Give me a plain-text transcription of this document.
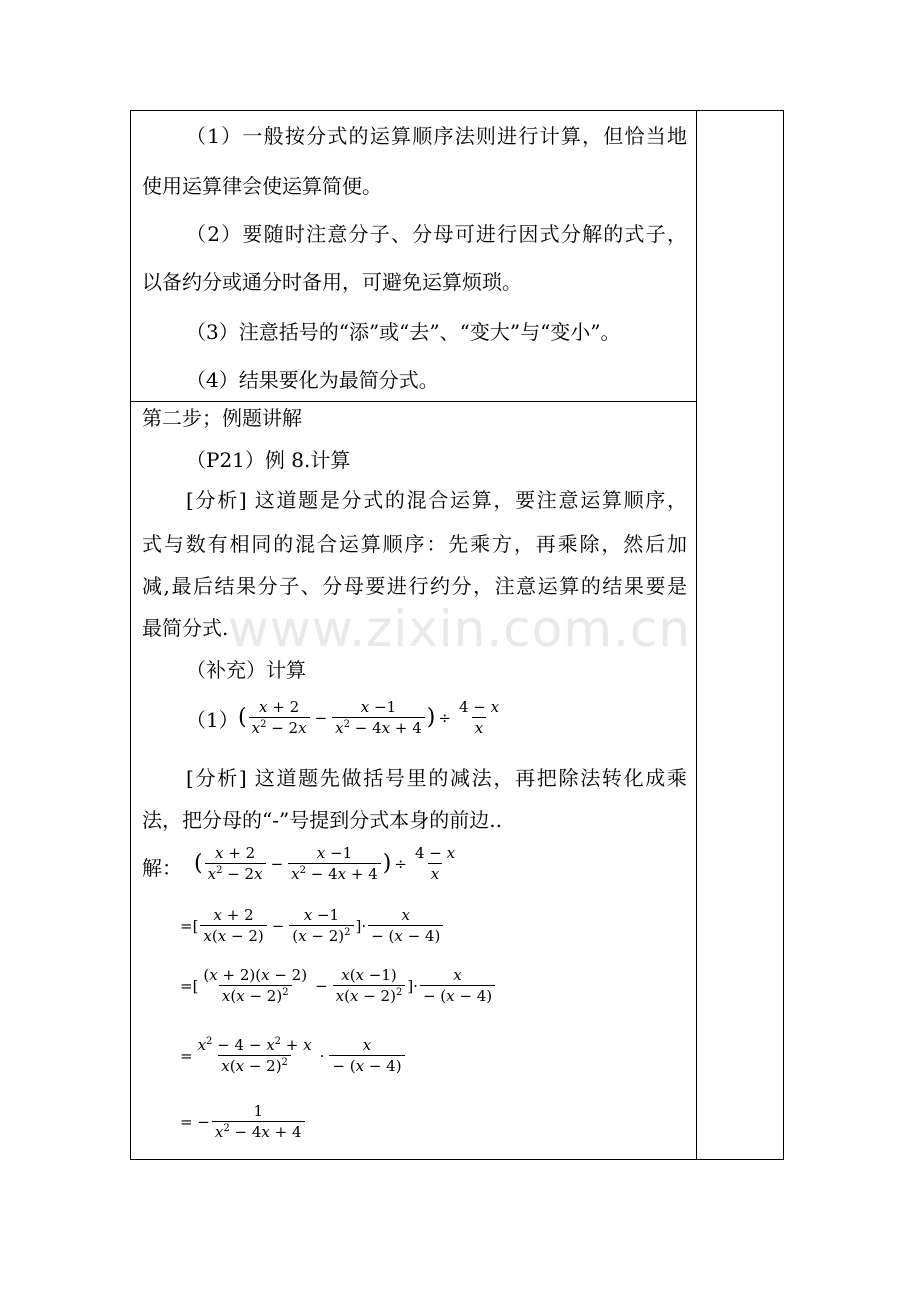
www.zixin.com.cn
（1）一般按分式的运算顺序法则进行计算，但恰当地
使用运算律会使运算简便。
（2）要随时注意分子、分母可进行因式分解的式子，
以备约分或通分时备用，可避免运算烦琐。
（3）注意括号的“添”或“去”、“变大”与“变小”。
（4）结果要化为最简分式。
第二步；例题讲解
（P21）例 8.计算
[分析] 这道题是分式的混合运算，要注意运算顺序，
式与数有相同的混合运算顺序：先乘方，再乘除，然后加
减,最后结果分子、分母要进行约分，注意运算的结果要是
最简分式.
（补充）计算
（1） ( $\frac{x + 2}{x^2 - 2x} - \frac{x -1}{x^2 - 4x + 4}$ ) ÷ $\frac{4 - x}{x}$
[分析] 这道题先做括号里的减法，再把除法转化成乘
法，把分母的“-”号提到分式本身的前边..
解： ( $\frac{x + 2}{x^2 - 2x} - \frac{x -1}{x^2 - 4x + 4}$ ) ÷ $\frac{4 - x}{x}$
=[ $\frac{x + 2}{x(x - 2)} - \frac{x -1}{(x - 2)^2}$ ]· $\frac{x}{- (x - 4)}$
=[ $\frac{(x + 2)(x - 2)}{x(x - 2)^2} - \frac{x(x -1)}{x(x - 2)^2}$ ]· $\frac{x}{- (x - 4)}$
= $\frac{x^2 - 4 - x^2 + x}{x(x - 2)^2} \cdot \frac{x}{- (x - 4)}$
= − $\frac{1}{x^2 - 4x + 4}$
